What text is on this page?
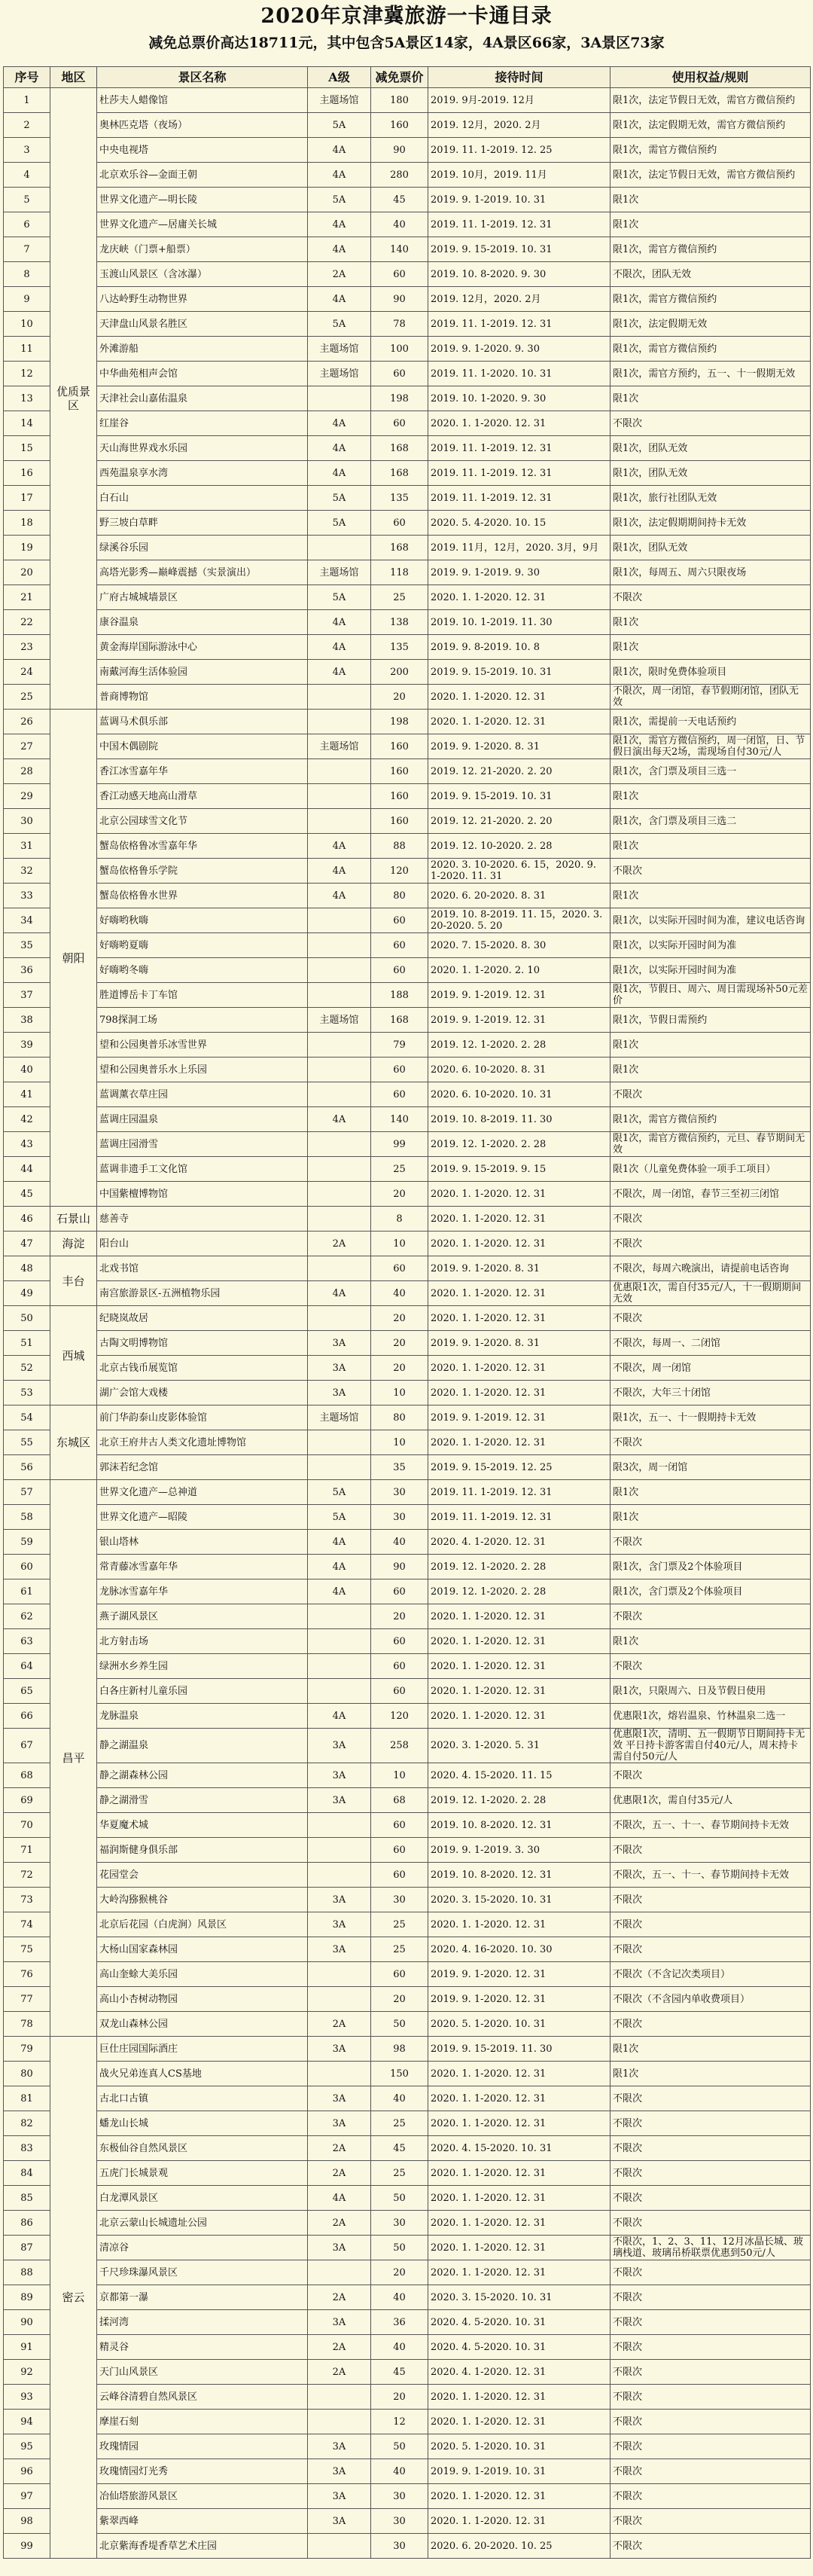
2020年京津冀旅游一卡通目录
减免总票价高达18711元，其中包含5A景区14家，4A景区66家，3A景区73家
序号	地区	景区名称	A级	减免票价	接待时间	使用权益/规则
1	优质景区	杜莎夫人蜡像馆	主题场馆	180	2019. 9月-2019. 12月	限1次，法定节假日无效，需官方微信预约
2		奥林匹克塔（夜场）	5A	160	2019. 12月，2020. 2月	限1次，法定假期无效，需官方微信预约
3		中央电视塔	4A	90	2019. 11. 1-2019. 12. 25	限1次，需官方微信预约
4		北京欢乐谷—金面王朝	4A	280	2019. 10月，2019. 11月	限1次，法定节假日无效，需官方微信预约
5		世界文化遗产—明长陵	5A	45	2019. 9. 1-2019. 10. 31	限1次
6		世界文化遗产—居庸关长城	4A	40	2019. 11. 1-2019. 12. 31	限1次
7		龙庆峡（门票+船票）	4A	140	2019. 9. 15-2019. 10. 31	限1次，需官方微信预约
8		玉渡山风景区（含冰瀑）	2A	60	2019. 10. 8-2020. 9. 30	不限次，团队无效
9		八达岭野生动物世界	4A	90	2019. 12月，2020. 2月	限1次，需官方微信预约
10		天津盘山风景名胜区	5A	78	2019. 11. 1-2019. 12. 31	限1次，法定假期无效
11		外滩游船	主题场馆	100	2019. 9. 1-2020. 9. 30	限1次，需官方微信预约
12		中华曲苑相声会馆	主题场馆	60	2019. 11. 1-2020. 10. 31	限1次，需官方预约，五一、十一假期无效
13		天津社会山嘉佑温泉		198	2019. 10. 1-2020. 9. 30	限1次
14		红崖谷	4A	60	2020. 1. 1-2020. 12. 31	不限次
15		天山海世界戏水乐园	4A	168	2019. 11. 1-2019. 12. 31	限1次，团队无效
16		西苑温泉享水湾	4A	168	2019. 11. 1-2019. 12. 31	限1次，团队无效
17		白石山	5A	135	2019. 11. 1-2019. 12. 31	限1次，旅行社团队无效
18		野三坡白草畔	5A	60	2020. 5. 4-2020. 10. 15	限1次，法定假期期间持卡无效
19		绿溪谷乐园		168	2019. 11月，12月，2020. 3月，9月	限1次，团队无效
20		高塔光影秀—巅峰震撼（实景演出）	主题场馆	118	2019. 9. 1-2019. 9. 30	限1次，每周五、周六只限夜场
21		广府古城城墙景区	5A	25	2020. 1. 1-2020. 12. 31	不限次
22		康谷温泉	4A	138	2019. 10. 1-2019. 11. 30	限1次
23		黄金海岸国际游泳中心	4A	135	2019. 9. 8-2019. 10. 8	限1次
24		南戴河海生活体验园	4A	200	2019. 9. 15-2019. 10. 31	限1次，限时免费体验项目
25		普商博物馆		20	2020. 1. 1-2020. 12. 31	不限次，周一闭馆，春节假期闭馆，团队无效
26	朝阳	蓝调马术俱乐部		198	2020. 1. 1-2020. 12. 31	限1次，需提前一天电话预约
27		中国木偶剧院	主题场馆	160	2019. 9. 1-2020. 8. 31	限1次，需官方微信预约，周一闭馆，日、节假日演出每天2场，需现场自付30元/人
28		香江冰雪嘉年华		160	2019. 12. 21-2020. 2. 20	限1次，含门票及项目三选一
29		香江动感天地高山滑草		160	2019. 9. 15-2019. 10. 31	限1次
30		北京公园球雪文化节		160	2019. 12. 21-2020. 2. 20	限1次，含门票及项目三选二
31		蟹岛依格鲁冰雪嘉年华	4A	88	2019. 12. 10-2020. 2. 28	限1次
32		蟹岛依格鲁乐学院	4A	120	2020. 3. 10-2020. 6. 15，2020. 9. 1-2020. 11. 31	不限次
33		蟹岛依格鲁水世界	4A	80	2020. 6. 20-2020. 8. 31	限1次
34		好嗨哟秋嗨		60	2019. 10. 8-2019. 11. 15，2020. 3. 20-2020. 5. 20	限1次，以实际开园时间为准，建议电话咨询
35		好嗨哟夏嗨		60	2020. 7. 15-2020. 8. 30	限1次，以实际开园时间为准
36		好嗨哟冬嗨		60	2020. 1. 1-2020. 2. 10	限1次，以实际开园时间为准
37		胜道博岳卡丁车馆		188	2019. 9. 1-2019. 12. 31	限1次，节假日、周六、周日需现场补50元差价
38		798探洞工场	主题场馆	168	2019. 9. 1-2019. 12. 31	限1次，节假日需预约
39		望和公园奥普乐冰雪世界		79	2019. 12. 1-2020. 2. 28	限1次
40		望和公园奥普乐水上乐园		60	2020. 6. 10-2020. 8. 31	限1次
41		蓝调薰衣草庄园		60	2020. 6. 10-2020. 10. 31	不限次
42		蓝调庄园温泉	4A	140	2019. 10. 8-2019. 11. 30	限1次，需官方微信预约
43		蓝调庄园滑雪		99	2019. 12. 1-2020. 2. 28	限1次，需官方微信预约，元旦、春节期间无效
44		蓝调非遗手工文化馆		25	2019. 9. 15-2019. 9. 15	限1次（儿童免费体验一项手工项目）
45		中国紫檀博物馆		20	2020. 1. 1-2020. 12. 31	不限次，周一闭馆，春节三至初三闭馆
46	石景山	慈善寺		8	2020. 1. 1-2020. 12. 31	不限次
47	海淀	阳台山	2A	10	2020. 1. 1-2020. 12. 31	不限次
48	丰台	北戏书馆		60	2019. 9. 1-2020. 8. 31	不限次，每周六晚演出，请提前电话咨询
49		南宫旅游景区-五洲植物乐园	4A	40	2020. 1. 1-2020. 12. 31	优惠限1次，需自付35元/人，十一假期期间无效
50	西城	纪晓岚故居		20	2020. 1. 1-2020. 12. 31	不限次
51		古陶文明博物馆	3A	20	2019. 9. 1-2020. 8. 31	不限次，每周一、二闭馆
52		北京古钱币展览馆	3A	20	2020. 1. 1-2020. 12. 31	不限次，周一闭馆
53		湖广会馆大戏楼	3A	10	2020. 1. 1-2020. 12. 31	不限次，大年三十闭馆
54	东城区	前门华韵泰山皮影体验馆	主题场馆	80	2019. 9. 1-2019. 12. 31	限1次，五一、十一假期持卡无效
55		北京王府井古人类文化遗址博物馆		10	2020. 1. 1-2020. 12. 31	不限次
56		郭沫若纪念馆		35	2019. 9. 15-2019. 12. 25	限3次，周一闭馆
57	昌平	世界文化遗产—总神道	5A	30	2019. 11. 1-2019. 12. 31	限1次
58		世界文化遗产—昭陵	5A	30	2019. 11. 1-2019. 12. 31	限1次
59		银山塔林	4A	40	2020. 4. 1-2020. 12. 31	不限次
60		常青藤冰雪嘉年华	4A	90	2019. 12. 1-2020. 2. 28	限1次，含门票及2个体验项目
61		龙脉冰雪嘉年华	4A	60	2019. 12. 1-2020. 2. 28	限1次，含门票及2个体验项目
62		燕子湖风景区		20	2020. 1. 1-2020. 12. 31	不限次
63		北方射击场		60	2020. 1. 1-2020. 12. 31	限1次
64		绿洲水乡养生园		60	2020. 1. 1-2020. 12. 31	不限次
65		白各庄新村儿童乐园		60	2020. 1. 1-2020. 12. 31	限1次，只限周六、日及节假日使用
66		龙脉温泉	4A	120	2020. 1. 1-2020. 12. 31	优惠限1次，熔岩温泉、竹林温泉二选一
67		静之湖温泉	3A	258	2020. 3. 1-2020. 5. 31	优惠限1次，清明、五一假期节日期间持卡无效 平日持卡游客需自付40元/人，周末持卡需自付50元/人
68		静之湖森林公园	3A	10	2020. 4. 15-2020. 11. 15	不限次
69		静之湖滑雪	3A	68	2019. 12. 1-2020. 2. 28	优惠限1次，需自付35元/人
70		华夏魔术城		60	2019. 10. 8-2020. 12. 31	不限次，五一、十一、春节期间持卡无效
71		福润斯健身俱乐部		60	2019. 9. 1-2019. 3. 30	不限次
72		花园堂会		60	2019. 10. 8-2020. 12. 31	不限次，五一、十一、春节期间持卡无效
73		大岭沟猕猴桃谷	3A	30	2020. 3. 15-2020. 10. 31	不限次
74		北京后花园（白虎涧）风景区	3A	25	2020. 1. 1-2020. 12. 31	不限次
75		大杨山国家森林园	3A	25	2020. 4. 16-2020. 10. 30	不限次
76		高山奎蜍大美乐园		60	2019. 9. 1-2020. 12. 31	不限次（不含记次类项目）
77		高山小杏树动物园		20	2019. 9. 1-2020. 12. 31	不限次（不含园内单收费项目）
78		双龙山森林公园	2A	50	2020. 5. 1-2020. 10. 31	不限次
79	密云	巨仕庄园国际酒庄	3A	98	2019. 9. 15-2019. 11. 30	限1次
80		战火兄弟连真人CS基地		150	2020. 1. 1-2020. 12. 31	限1次
81		古北口古镇	3A	40	2020. 1. 1-2020. 12. 31	不限次
82		蟠龙山长城	3A	25	2020. 1. 1-2020. 12. 31	不限次
83		东极仙谷自然风景区	2A	45	2020. 4. 15-2020. 10. 31	不限次
84		五虎门长城景观	2A	25	2020. 1. 1-2020. 12. 31	不限次
85		白龙潭风景区	4A	50	2020. 1. 1-2020. 12. 31	不限次
86		北京云蒙山长城遗址公园	2A	30	2020. 1. 1-2020. 12. 31	不限次
87		清凉谷	3A	50	2020. 1. 1-2020. 12. 31	不限次，1、2、3、11、12月冰晶长城、玻璃栈道、玻璃吊桥联票优惠到50元/人
88		千尺珍珠瀑风景区		20	2020. 1. 1-2020. 12. 31	不限次
89		京都第一瀑	2A	40	2020. 3. 15-2020. 10. 31	不限次
90		揉河湾	3A	36	2020. 4. 5-2020. 10. 31	不限次
91		精灵谷	2A	40	2020. 4. 5-2020. 10. 31	不限次
92		天门山风景区	2A	45	2020. 4. 1-2020. 12. 31	不限次
93		云峰谷清碧自然风景区		20	2020. 1. 1-2020. 12. 31	不限次
94		摩崖石刻		12	2020. 1. 1-2020. 12. 31	不限次
95		玫瑰情园	3A	50	2020. 5. 1-2020. 10. 31	不限次
96		玫瑰情园灯光秀	3A	40	2019. 9. 1-2019. 10. 31	不限次
97		冶仙塔旅游风景区	3A	30	2020. 1. 1-2020. 12. 31	不限次
98		紫翠西峰	3A	30	2020. 1. 1-2020. 12. 31	不限次
99		北京紫海香堤香草艺术庄园		30	2020. 6. 20-2020. 10. 25	不限次
